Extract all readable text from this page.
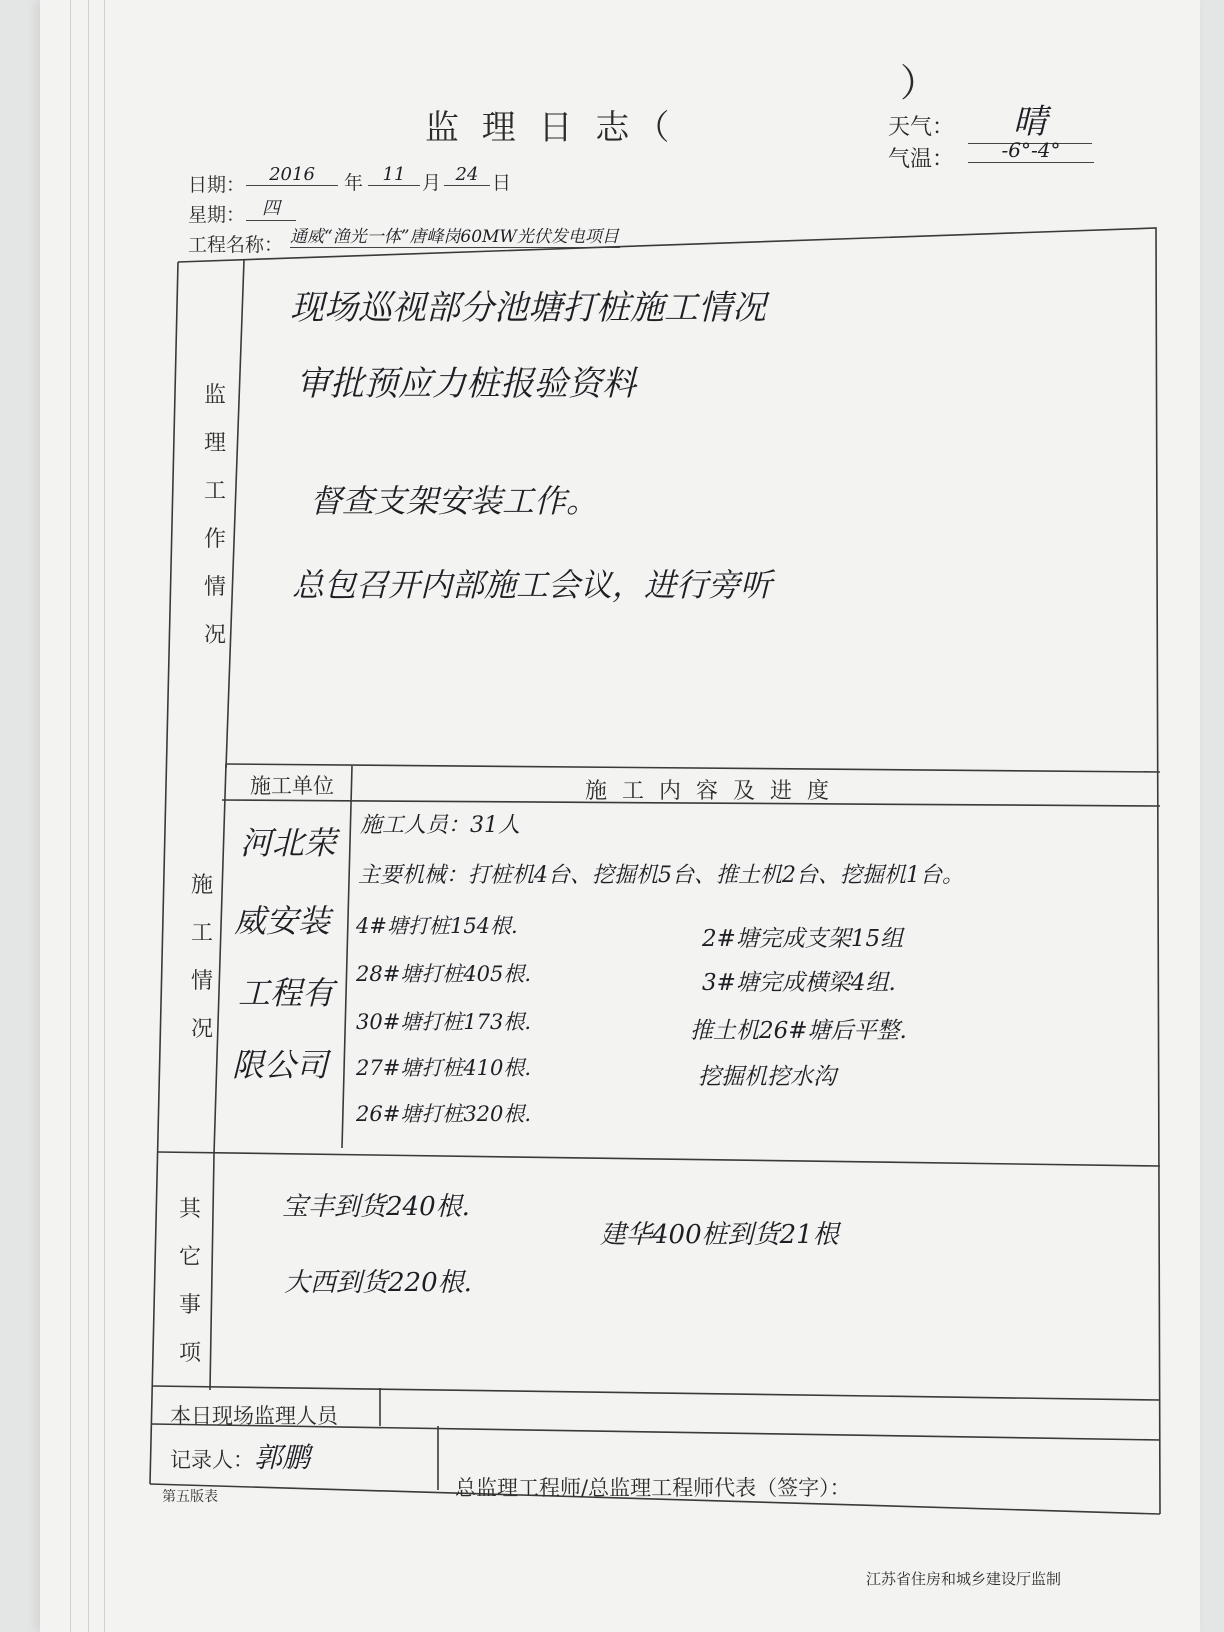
监 理 日 志（
）
天气：	晴
气温：	-6°-4°
日期：	2016	年	11 月 24 日
星期： 四
工程名称： 通威“渔光一体”唐峰岗60MW光伏发电项目
监理工作情况
现场巡视部分池塘打桩施工情况
审批预应力桩报验资料
督查支架安装工作。
总包召开内部施工会议，进行旁听
施工情况
施工单位	施 工 内 容 及 进 度
河北荣
威安装
工程有
限公司
施工人员：31人
主要机械：打桩机4台、挖掘机5台、推土机2台、挖掘机1台。
4#塘打桩154根.
28#塘打桩405根.
30#塘打桩173根.
27#塘打桩410根.
26#塘打桩320根.
2#塘完成支架15组
3#塘完成横梁4组.
推土机26#塘后平整.
挖掘机挖水沟
其它事项
宝丰到货240根.
大西到货220根.
建华400桩到货21根
本日现场监理人员
记录人： 郭鹏
总监理工程师/总监理工程师代表（签字）：
第五版表
江苏省住房和城乡建设厅监制
